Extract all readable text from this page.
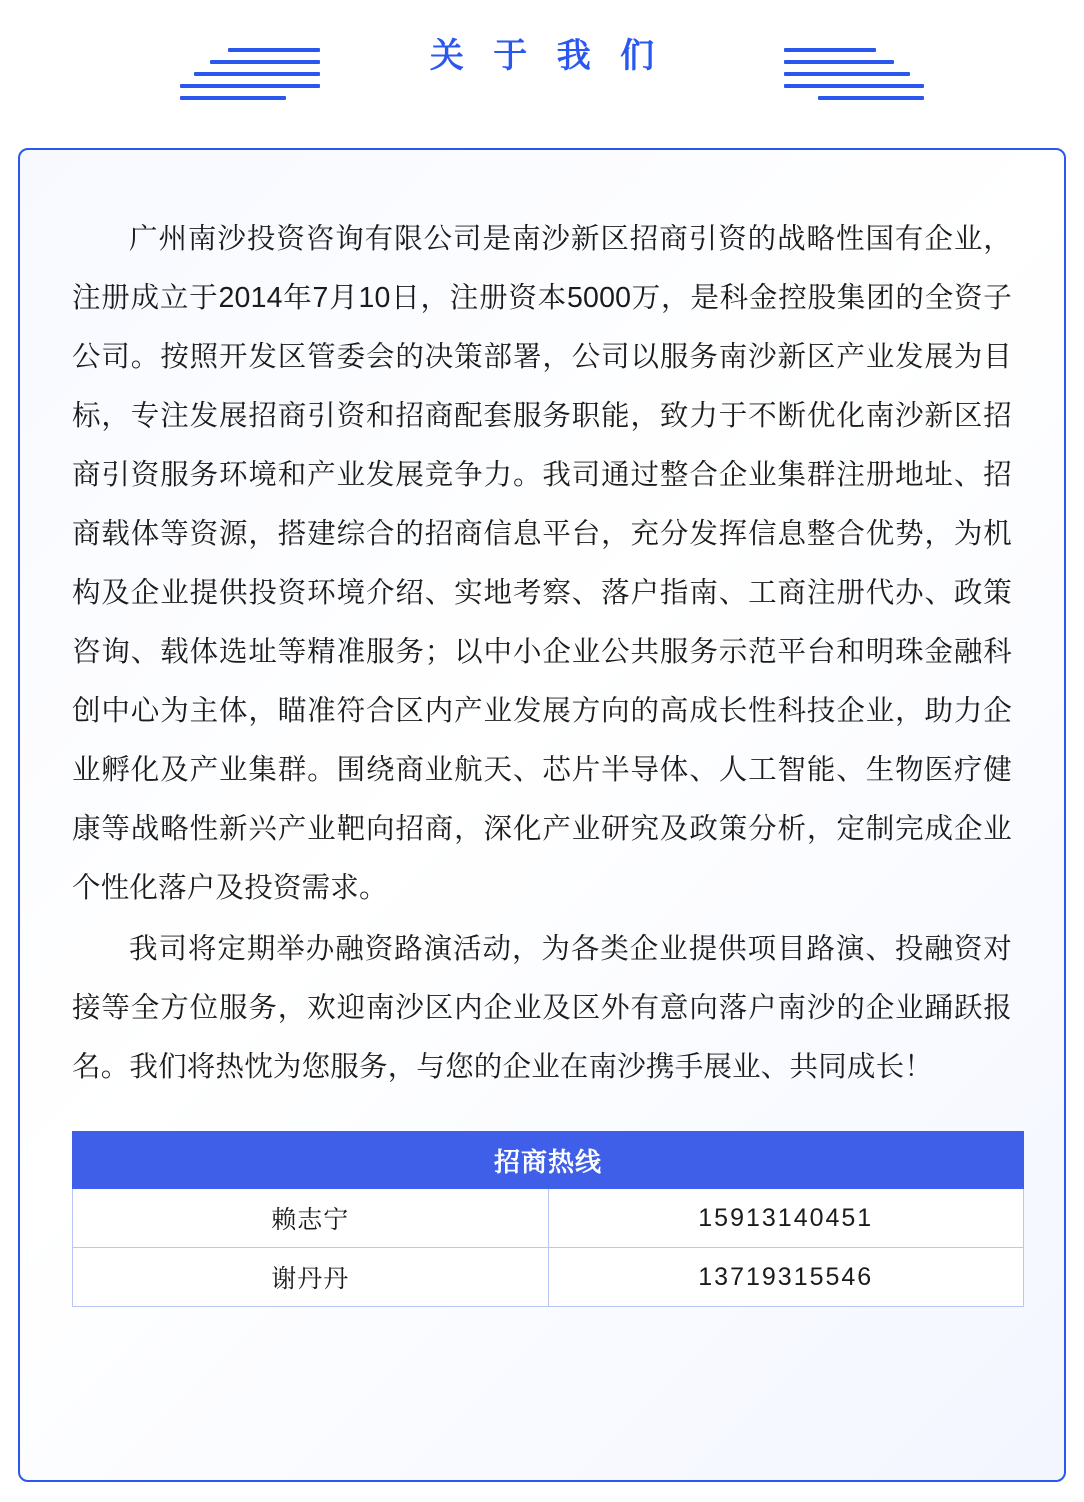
关 于 我 们

广州南沙投资咨询有限公司是南沙新区招商引资的战略性国有企业，注册成立于2014年7月10日，注册资本5000万，是科金控股集团的全资子公司。按照开发区管委会的决策部署，公司以服务南沙新区产业发展为目标，专注发展招商引资和招商配套服务职能，致力于不断优化南沙新区招商引资服务环境和产业发展竞争力。我司通过整合企业集群注册地址、招商载体等资源，搭建综合的招商信息平台，充分发挥信息整合优势，为机构及企业提供投资环境介绍、实地考察、落户指南、工商注册代办、政策咨询、载体选址等精准服务；以中小企业公共服务示范平台和明珠金融科创中心为主体，瞄准符合区内产业发展方向的高成长性科技企业，助力企业孵化及产业集群。围绕商业航天、芯片半导体、人工智能、生物医疗健康等战略性新兴产业靶向招商，深化产业研究及政策分析，定制完成企业个性化落户及投资需求。

我司将定期举办融资路演活动，为各类企业提供项目路演、投融资对接等全方位服务，欢迎南沙区内企业及区外有意向落户南沙的企业踊跃报名。我们将热忱为您服务，与您的企业在南沙携手展业、共同成长！

招商热线	
赖志宁	15913140451
谢丹丹	13719315546
